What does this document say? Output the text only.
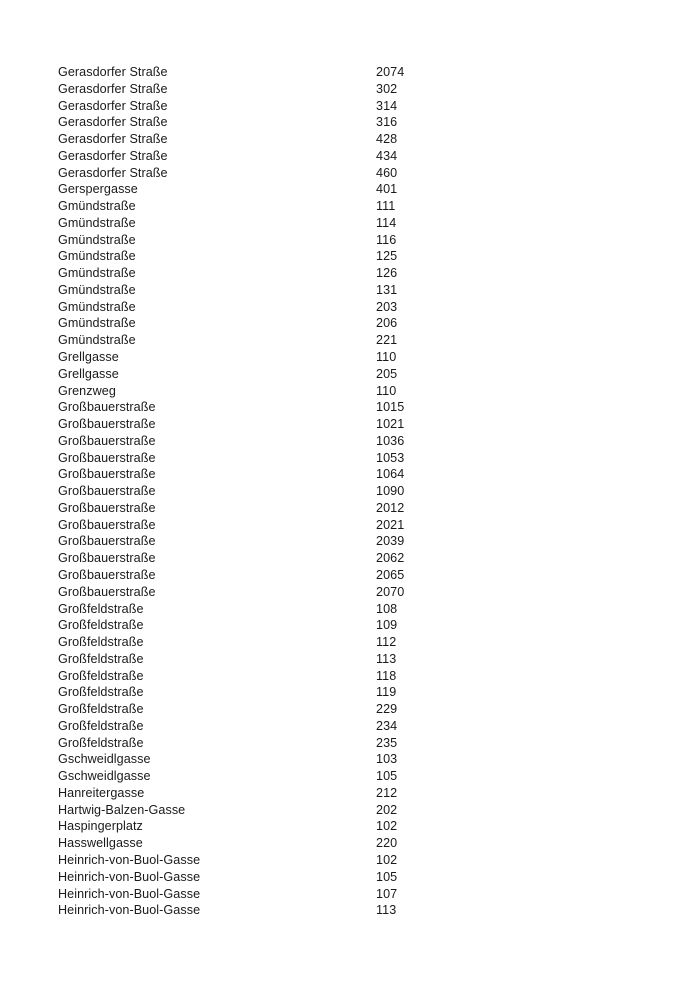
Gerasdorfer Straße	2074
Gerasdorfer Straße	302
Gerasdorfer Straße	314
Gerasdorfer Straße	316
Gerasdorfer Straße	428
Gerasdorfer Straße	434
Gerasdorfer Straße	460
Gerspergasse	401
Gmündstraße	111
Gmündstraße	114
Gmündstraße	116
Gmündstraße	125
Gmündstraße	126
Gmündstraße	131
Gmündstraße	203
Gmündstraße	206
Gmündstraße	221
Grellgasse	110
Grellgasse	205
Grenzweg	110
Großbauerstraße	1015
Großbauerstraße	1021
Großbauerstraße	1036
Großbauerstraße	1053
Großbauerstraße	1064
Großbauerstraße	1090
Großbauerstraße	2012
Großbauerstraße	2021
Großbauerstraße	2039
Großbauerstraße	2062
Großbauerstraße	2065
Großbauerstraße	2070
Großfeldstraße	108
Großfeldstraße	109
Großfeldstraße	112
Großfeldstraße	113
Großfeldstraße	118
Großfeldstraße	119
Großfeldstraße	229
Großfeldstraße	234
Großfeldstraße	235
Gschweidlgasse	103
Gschweidlgasse	105
Hanreitergasse	212
Hartwig-Balzen-Gasse	202
Haspingerplatz	102
Hasswellgasse	220
Heinrich-von-Buol-Gasse	102
Heinrich-von-Buol-Gasse	105
Heinrich-von-Buol-Gasse	107
Heinrich-von-Buol-Gasse	113
